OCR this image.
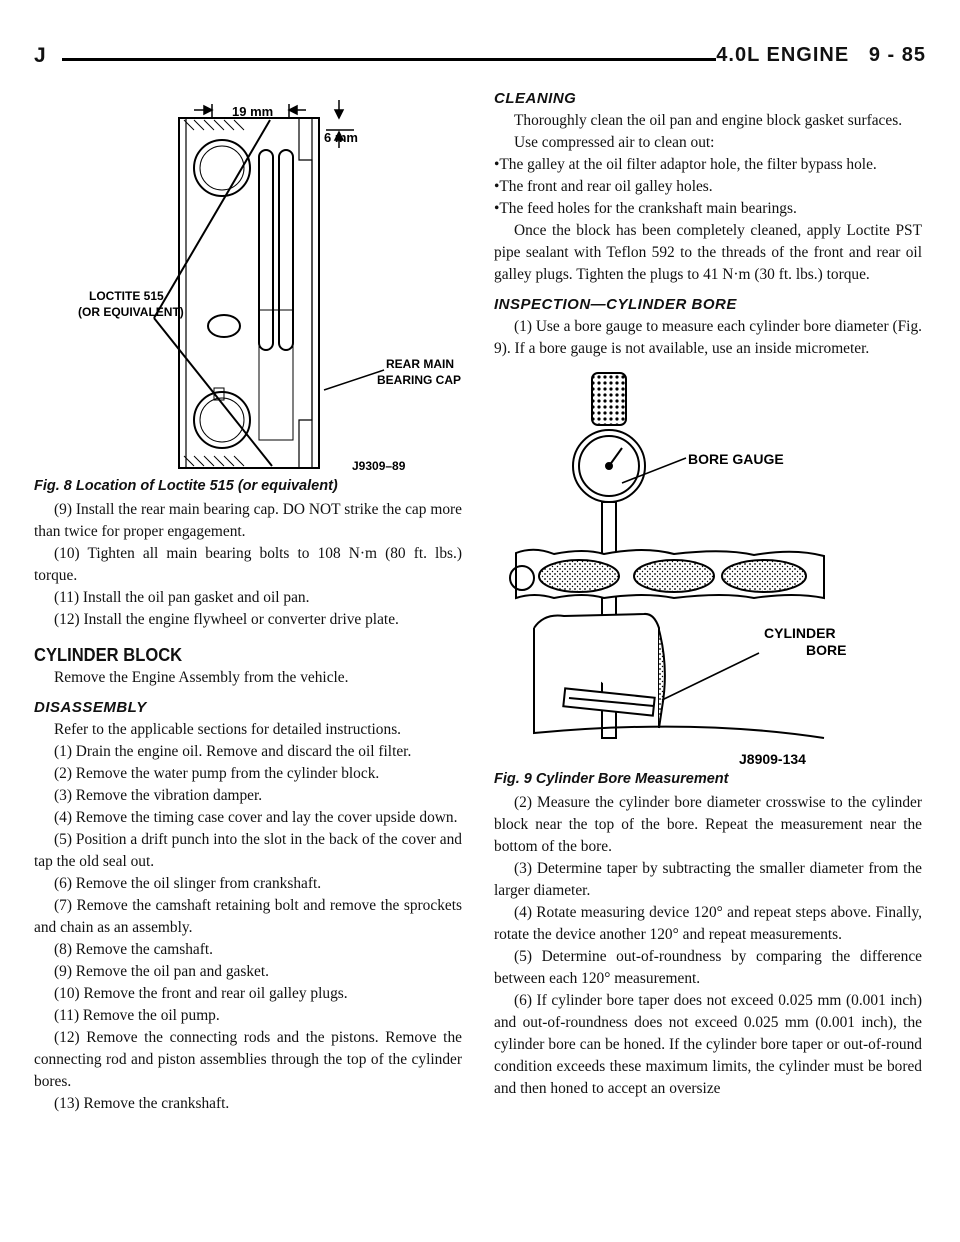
J	4.0L ENGINE 9 - 85
19 mm
6 mm
LOCTITE 515
(OR EQUIVALENT)
REAR MAIN
BEARING CAP
J9309–89
Fig. 8 Location of Loctite 515 (or equivalent)

(9) Install the rear main bearing cap. DO NOT strike the cap more than twice for proper engagement.

(10) Tighten all main bearing bolts to 108 N·m (80 ft. lbs.) torque.

(11) Install the oil pan gasket and oil pan.

(12) Install the engine flywheel or converter drive plate.

CYLINDER BLOCK

Remove the Engine Assembly from the vehicle.

DISASSEMBLY

Refer to the applicable sections for detailed instructions.

(1) Drain the engine oil. Remove and discard the oil filter.

(2) Remove the water pump from the cylinder block.

(3) Remove the vibration damper.

(4) Remove the timing case cover and lay the cover upside down.

(5) Position a drift punch into the slot in the back of the cover and tap the old seal out.

(6) Remove the oil slinger from crankshaft.

(7) Remove the camshaft retaining bolt and remove the sprockets and chain as an assembly.

(8) Remove the camshaft.

(9) Remove the oil pan and gasket.

(10) Remove the front and rear oil galley plugs.

(11) Remove the oil pump.

(12) Remove the connecting rods and the pistons. Remove the connecting rod and piston assemblies through the top of the cylinder bores.

(13) Remove the crankshaft.

CLEANING

Thoroughly clean the oil pan and engine block gasket surfaces.

Use compressed air to clean out:

•The galley at the oil filter adaptor hole, the filter bypass hole.

•The front and rear oil galley holes.

•The feed holes for the crankshaft main bearings.

Once the block has been completely cleaned, apply Loctite PST pipe sealant with Teflon 592 to the threads of the front and rear oil galley plugs. Tighten the plugs to 41 N·m (30 ft. lbs.) torque.

INSPECTION—CYLINDER BORE

(1) Use a bore gauge to measure each cylinder bore diameter (Fig. 9). If a bore gauge is not available, use an inside micrometer.

BORE GAUGE
CYLINDER
BORE
J8909-134
Fig. 9 Cylinder Bore Measurement

(2) Measure the cylinder bore diameter crosswise to the cylinder block near the top of the bore. Repeat the measurement near the bottom of the bore.

(3) Determine taper by subtracting the smaller diameter from the larger diameter.

(4) Rotate measuring device 120° and repeat steps above. Finally, rotate the device another 120° and repeat measurements.

(5) Determine out-of-roundness by comparing the difference between each 120° measurement.

(6) If cylinder bore taper does not exceed 0.025 mm (0.001 inch) and out-of-roundness does not exceed 0.025 mm (0.001 inch), the cylinder bore can be honed. If the cylinder bore taper or out-of-round condition exceeds these maximum limits, the cylinder must be bored and then honed to accept an oversize
